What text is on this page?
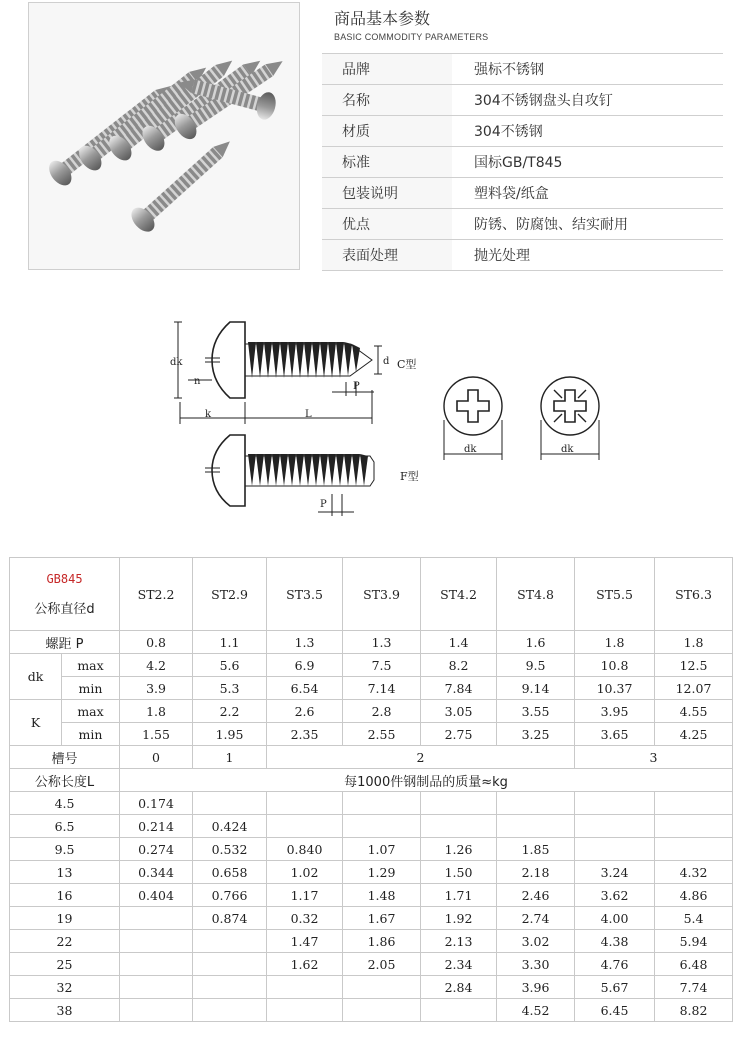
商品基本参数
BASIC COMMODITY PARAMETERS
品牌	强标不锈钢
名称	304不锈钢盘头自攻钉
材质	304不锈钢
标准	国标GB/T845
包装说明	塑料袋/纸盒
优点	防锈、防腐蚀、结实耐用
表面处理	抛光处理
dk
n
d
P
k	L
C型
P
F型
dk	dk
GB845
公称直径d		ST2.2	ST2.9	ST3.5	ST3.9	ST4.2	ST4.8	ST5.5	ST6.3
螺距 P		0.8	1.1	1.3	1.3	1.4	1.6	1.8	1.8
dk	max	4.2	5.6	6.9	7.5	8.2	9.5	10.8	12.5
	min	3.9	5.3	6.54	7.14	7.84	9.14	10.37	12.07
K	max	1.8	2.2	2.6	2.8	3.05	3.55	3.95	4.55
	min	1.55	1.95	2.35	2.55	2.75	3.25	3.65	4.25
槽号		0	1	2				3	
公称长度L		每1000件钢制品的质量≈kg							
4.5		0.174							
6.5		0.214	0.424						
9.5		0.274	0.532	0.840	1.07	1.26	1.85		
13		0.344	0.658	1.02	1.29	1.50	2.18	3.24	4.32
16		0.404	0.766	1.17	1.48	1.71	2.46	3.62	4.86
19			0.874	0.32	1.67	1.92	2.74	4.00	5.4
22				1.47	1.86	2.13	3.02	4.38	5.94
25				1.62	2.05	2.34	3.30	4.76	6.48
32						2.84	3.96	5.67	7.74
38							4.52	6.45	8.82
